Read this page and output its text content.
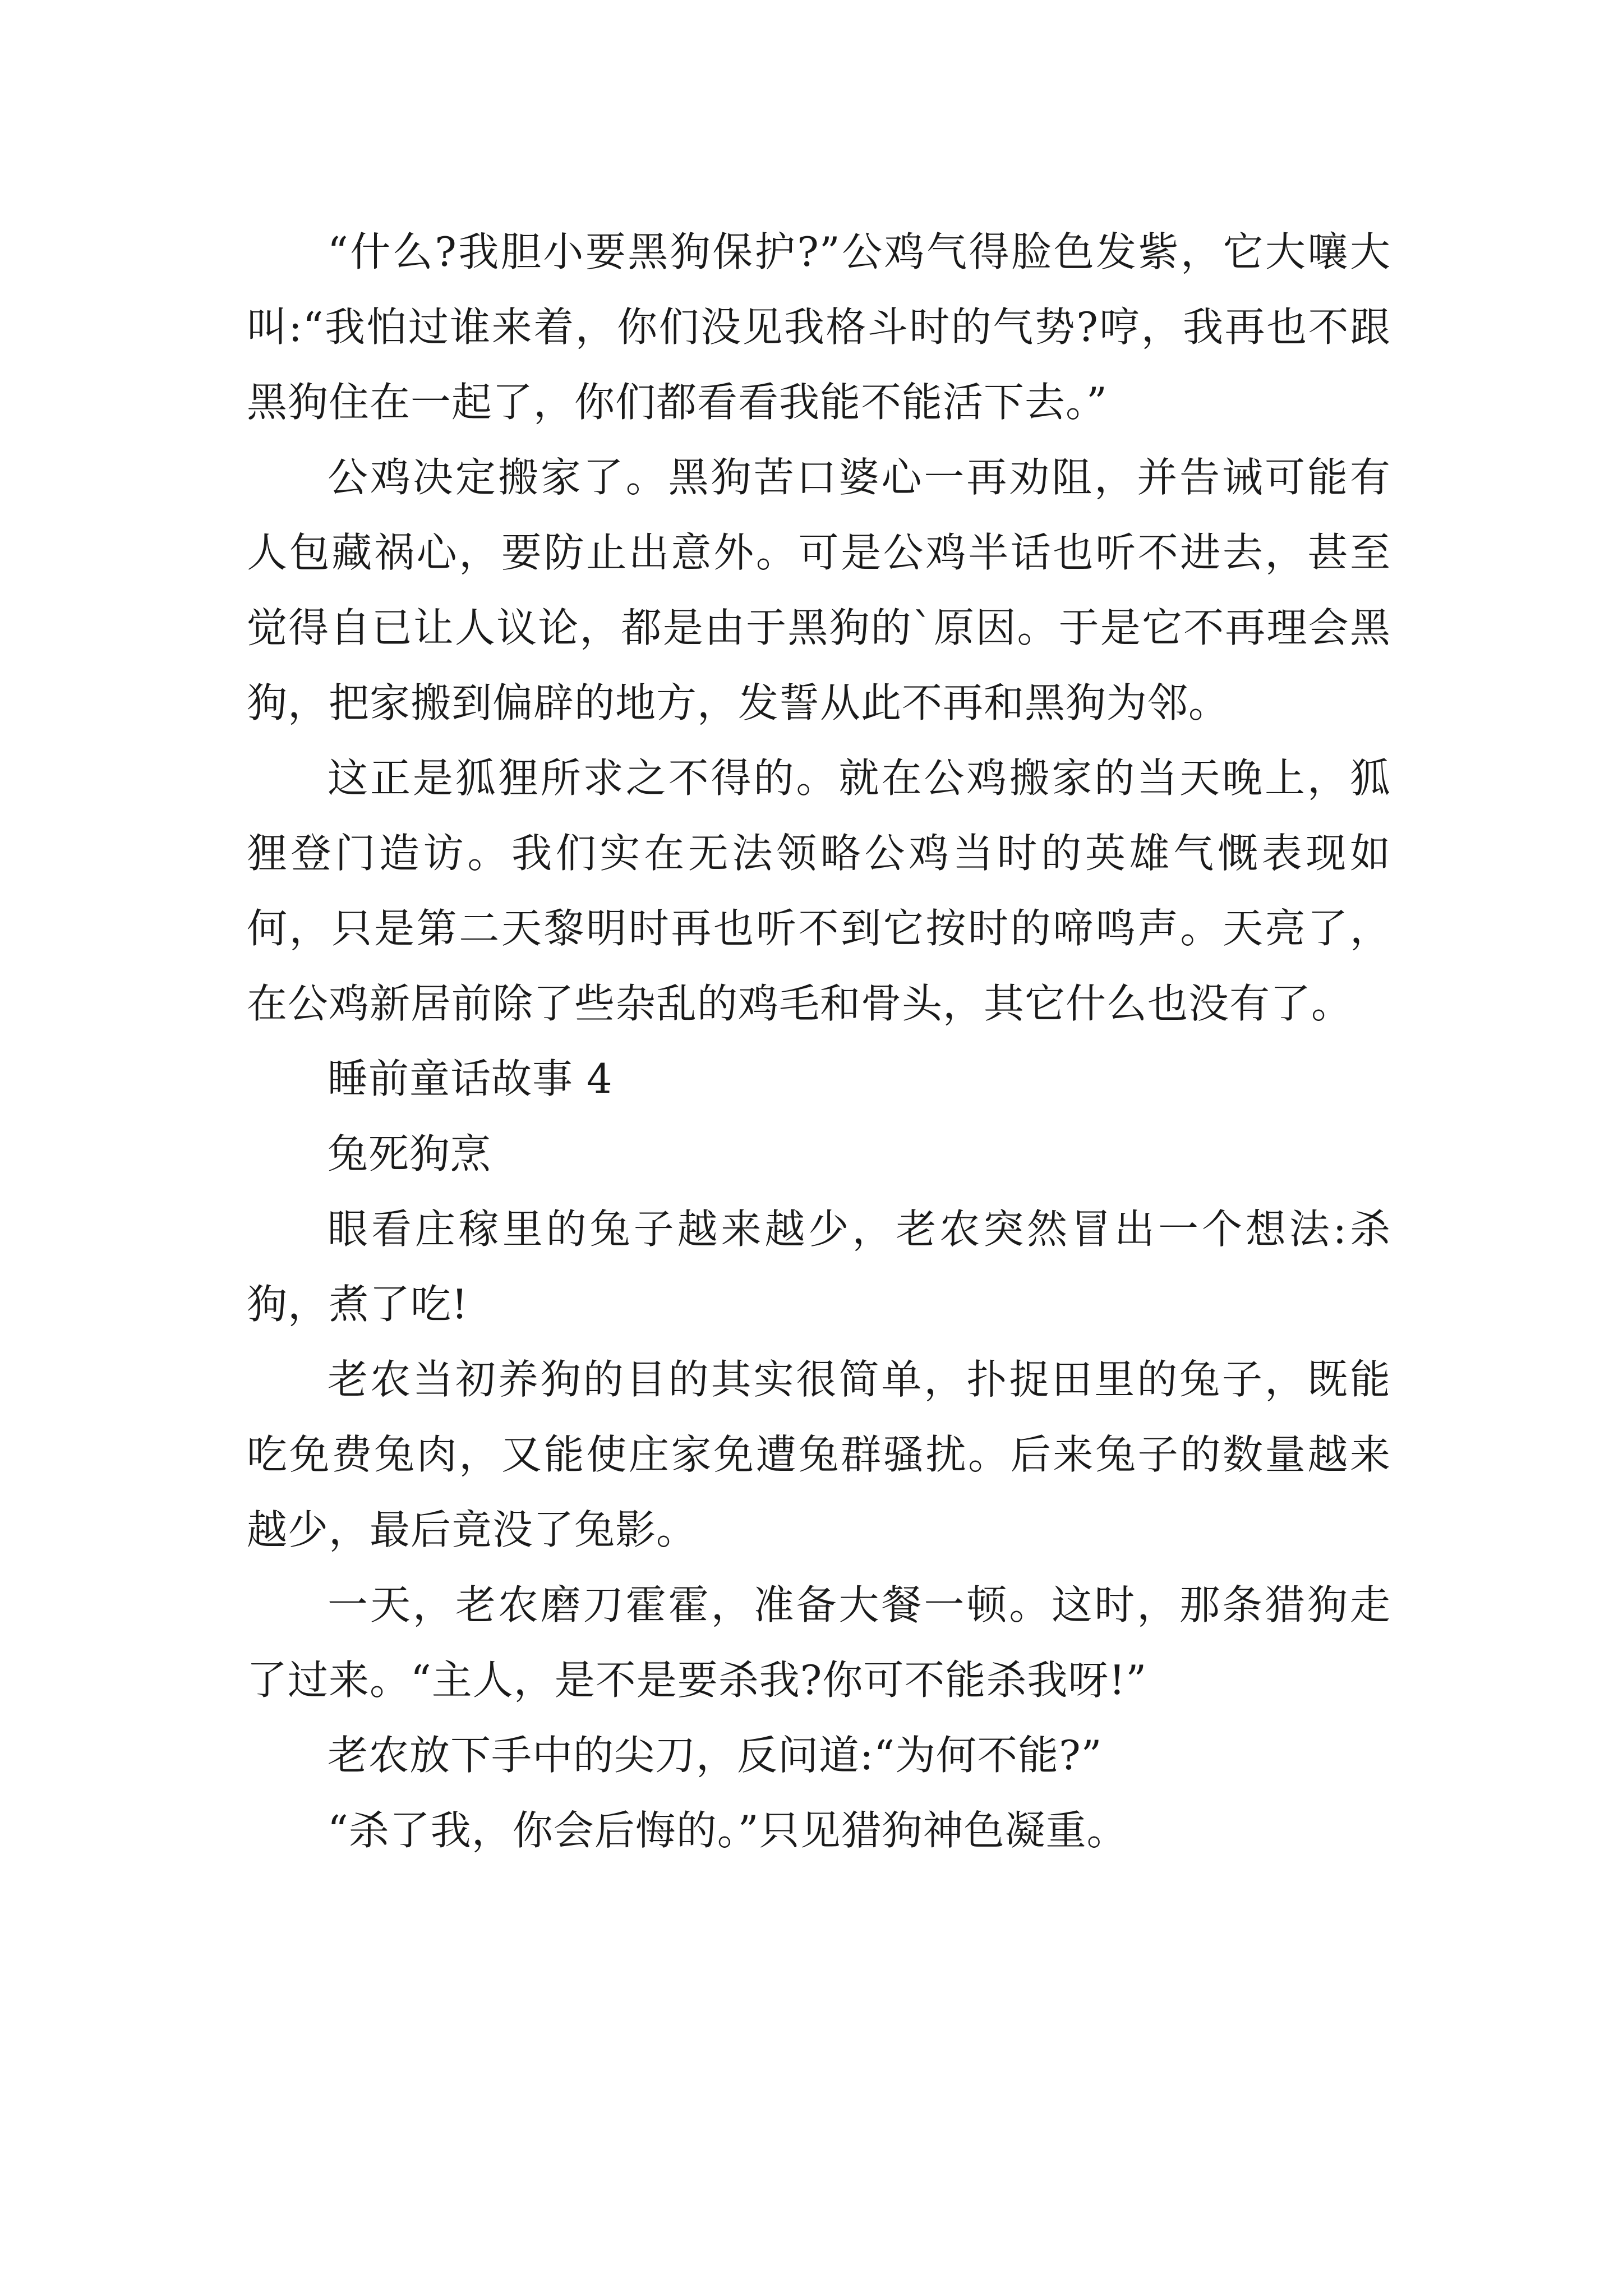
“什么?我胆小要黑狗保护?”公鸡气得脸色发紫，它大嚷大叫:“我怕过谁来着，你们没见我格斗时的气势?哼，我再也不跟黑狗住在一起了，你们都看看我能不能活下去。”

公鸡决定搬家了。黑狗苦口婆心一再劝阻，并告诫可能有人包藏祸心，要防止出意外。可是公鸡半话也听不进去，甚至觉得自已让人议论，都是由于黑狗的`原因。于是它不再理会黑狗，把家搬到偏辟的地方，发誓从此不再和黑狗为邻。

这正是狐狸所求之不得的。就在公鸡搬家的当天晚上，狐狸登门造访。我们实在无法领略公鸡当时的英雄气慨表现如何，只是第二天黎明时再也听不到它按时的啼鸣声。天亮了，在公鸡新居前除了些杂乱的鸡毛和骨头，其它什么也没有了。

睡前童话故事 4

兔死狗烹

眼看庄稼里的兔子越来越少，老农突然冒出一个想法:杀狗，煮了吃!

老农当初养狗的目的其实很简单，扑捉田里的兔子，既能吃免费兔肉，又能使庄家免遭兔群骚扰。后来兔子的数量越来越少，最后竟没了兔影。

一天，老农磨刀霍霍，准备大餐一顿。这时，那条猎狗走了过来。“主人，是不是要杀我?你可不能杀我呀!”

老农放下手中的尖刀，反问道:“为何不能?”

“杀了我，你会后悔的。”只见猎狗神色凝重。
